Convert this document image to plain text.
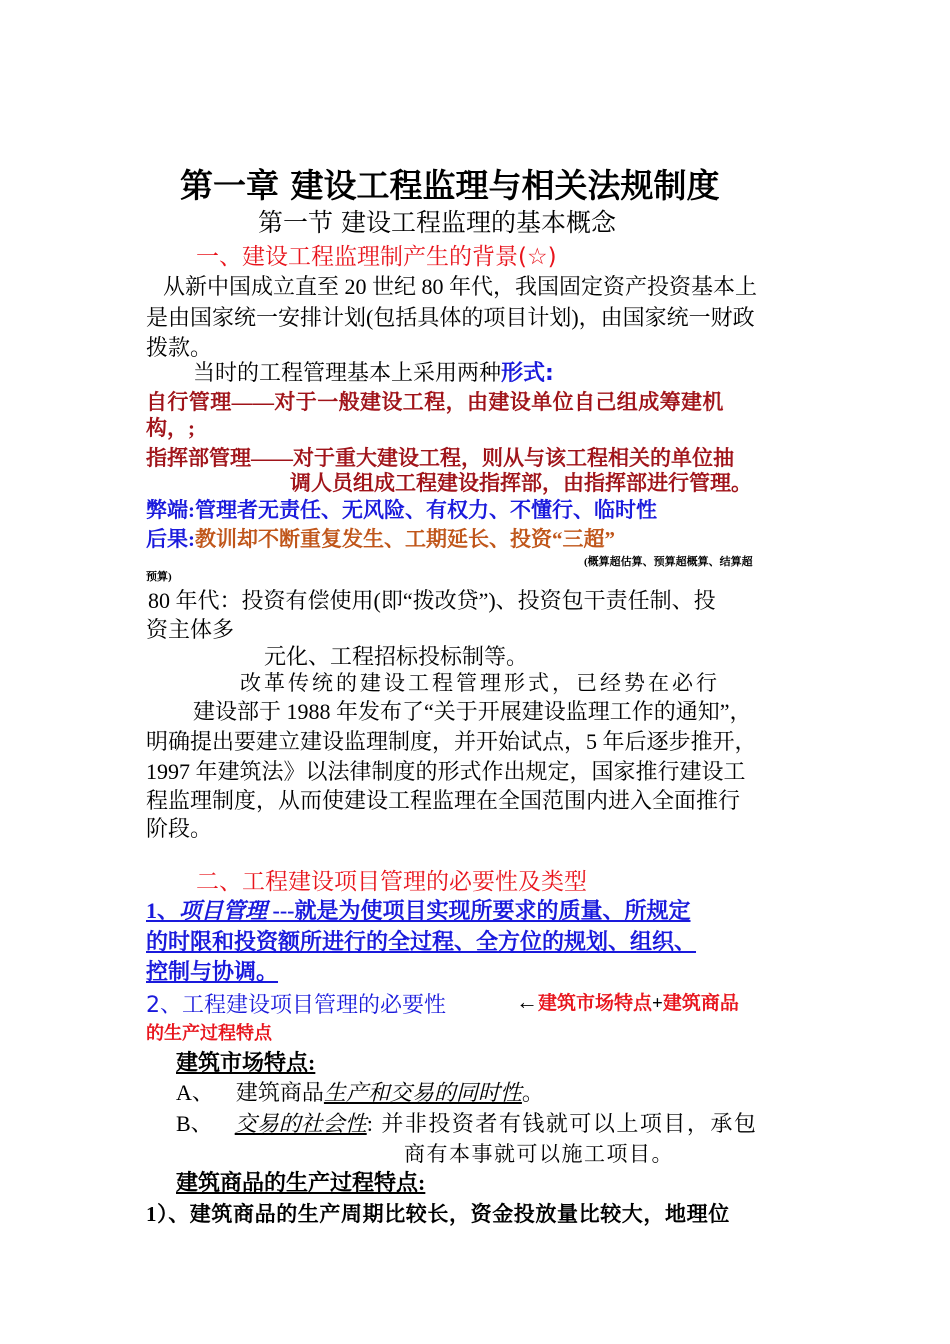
第一章 建设工程监理与相关法规制度
第一节 建设工程监理的基本概念
一、建设工程监理制产生的背景(☆)
从新中国成立直至 20 世纪 80 年代，我国固定资产投资基本上
是由国家统一安排计划(包括具体的项目计划)，由国家统一财政
拨款。
当时的工程管理基本上采用两种形式:
自行管理——对于一般建设工程，由建设单位自己组成筹建机
构，;
指挥部管理——对于重大建设工程，则从与该工程相关的单位抽
调人员组成工程建设指挥部，由指挥部进行管理。
弊端:管理者无责任、无风险、有权力、不懂行、临时性
后果:教训却不断重复发生、工期延长、投资“三超”
(概算超估算、预算超概算、结算超
预算)
80 年代：投资有偿使用(即“拨改贷”)、投资包干责任制、投
资主体多
元化、工程招标投标制等。
改革传统的建设工程管理形式，已经势在必行
建设部于 1988 年发布了“关于开展建设监理工作的通知”，
明确提出要建立建设监理制度，并开始试点，5 年后逐步推开，
1997 年建筑法》以法律制度的形式作出规定，国家推行建设工
程监理制度，从而使建设工程监理在全国范围内进入全面推行
阶段。
二、工程建设项目管理的必要性及类型
1、项目管理 ---就是为使项目实现所要求的质量、所规定
的时限和投资额所进行的全过程、全方位的规划、组织、
控制与协调。
2、工程建设项目管理的必要性	←建筑市场特点+建筑商品
的生产过程特点
建筑市场特点:
A、 建筑商品生产和交易的同时性。
B、 交易的社会性: 并非投资者有钱就可以上项目，承包
商有本事就可以施工项目。
建筑商品的生产过程特点:
1）、建筑商品的生产周期比较长，资金投放量比较大，地理位
